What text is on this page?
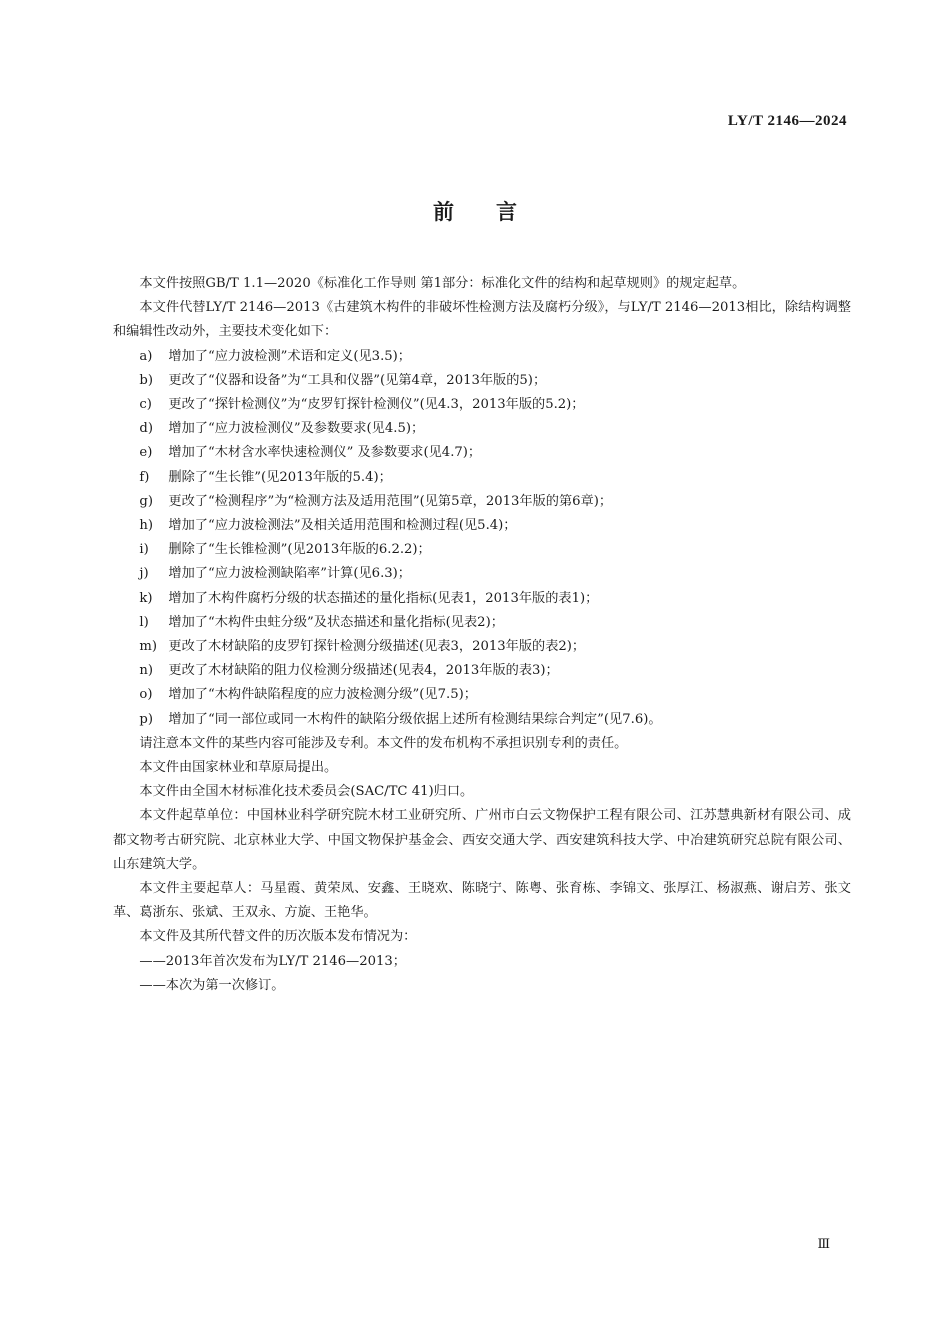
LY/T 2146—2024
前言

本文件按照GB/T 1.1—2020《标准化工作导则 第1部分：标准化文件的结构和起草规则》的规定起草。

本文件代替LY/T 2146—2013《古建筑木构件的非破坏性检测方法及腐朽分级》，与LY/T 2146—2013相比，除结构调整和编辑性改动外，主要技术变化如下：

a) 增加了“应力波检测”术语和定义(见3.5)；

b) 更改了“仪器和设备”为“工具和仪器”(见第4章，2013年版的5)；

c) 更改了“探针检测仪”为“皮罗钉探针检测仪”(见4.3，2013年版的5.2)；

d) 增加了“应力波检测仪”及参数要求(见4.5)；

e) 增加了“木材含水率快速检测仪” 及参数要求(见4.7)；

f) 删除了“生长锥”(见2013年版的5.4)；

g) 更改了“检测程序”为“检测方法及适用范围”(见第5章，2013年版的第6章)；

h) 增加了“应力波检测法”及相关适用范围和检测过程(见5.4)；

i) 删除了“生长锥检测”(见2013年版的6.2.2)；

j) 增加了“应力波检测缺陷率”计算(见6.3)；

k) 增加了木构件腐朽分级的状态描述的量化指标(见表1，2013年版的表1)；

l) 增加了“木构件虫蛀分级”及状态描述和量化指标(见表2)；

m) 更改了木材缺陷的皮罗钉探针检测分级描述(见表3，2013年版的表2)；

n) 更改了木材缺陷的阻力仪检测分级描述(见表4，2013年版的表3)；

o) 增加了“木构件缺陷程度的应力波检测分级”(见7.5)；

p) 增加了“同一部位或同一木构件的缺陷分级依据上述所有检测结果综合判定”(见7.6)。

请注意本文件的某些内容可能涉及专利。本文件的发布机构不承担识别专利的责任。

本文件由国家林业和草原局提出。

本文件由全国木材标准化技术委员会(SAC/TC 41)归口。

本文件起草单位：中国林业科学研究院木材工业研究所、广州市白云文物保护工程有限公司、江苏慧典新材有限公司、成都文物考古研究院、北京林业大学、中国文物保护基金会、西安交通大学、西安建筑科技大学、中冶建筑研究总院有限公司、山东建筑大学。

本文件主要起草人：马星霞、黄荣凤、安鑫、王晓欢、陈晓宁、陈粤、张育栋、李锦文、张厚江、杨淑燕、谢启芳、张文革、葛浙东、张斌、王双永、方旋、王艳华。

本文件及其所代替文件的历次版本发布情况为：

——2013年首次发布为LY/T 2146—2013；

——本次为第一次修订。

Ⅲ
